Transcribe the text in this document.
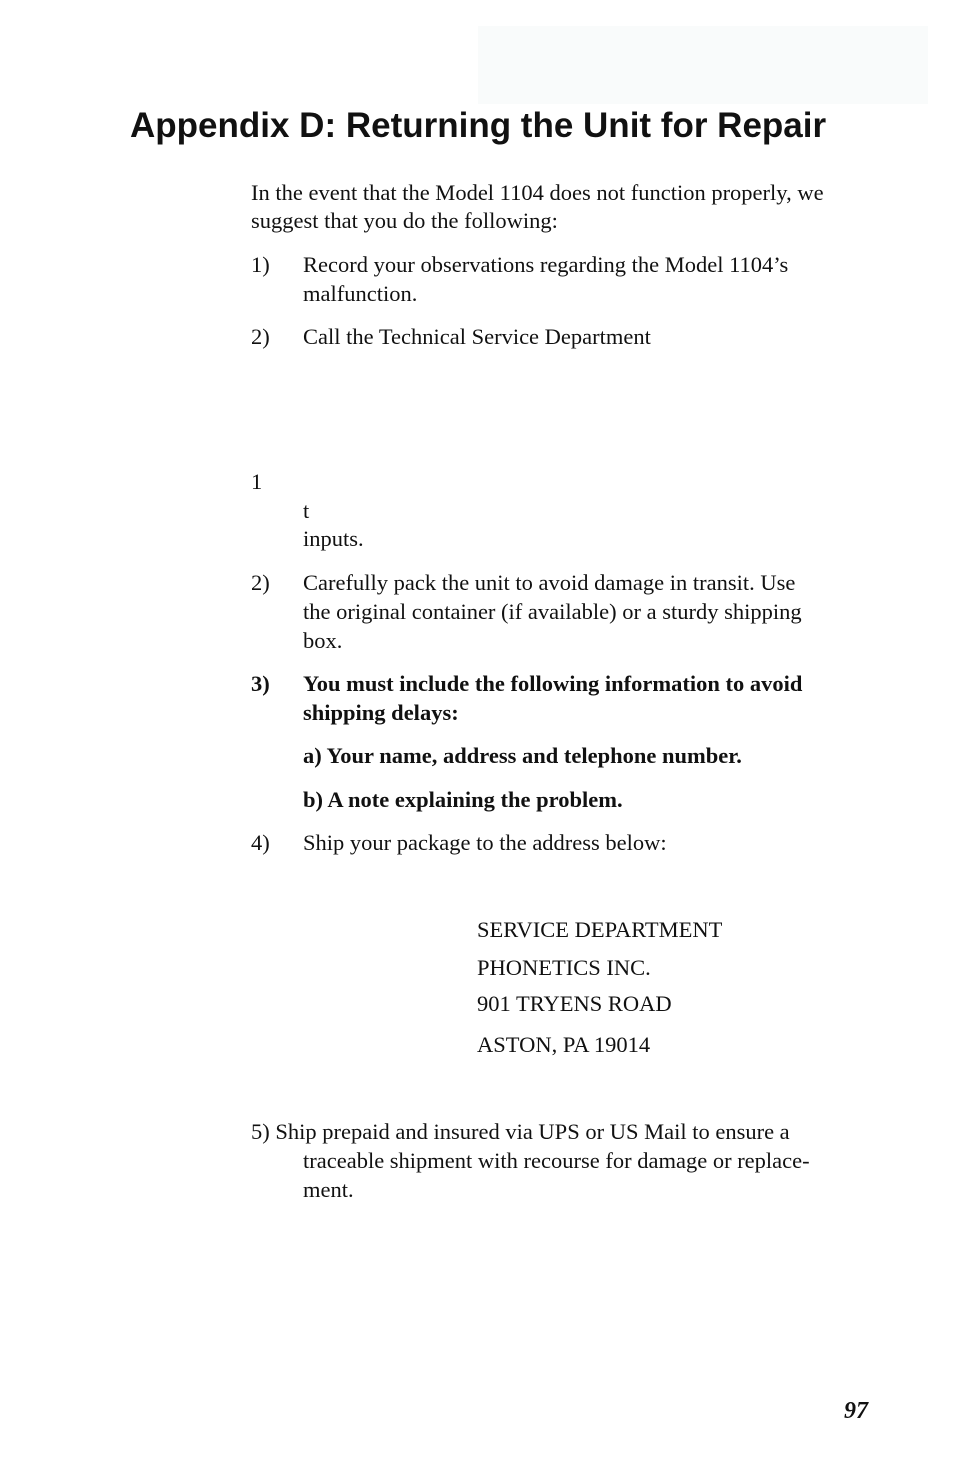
Appendix D: Returning the Unit for Repair
In the event that the Model 1104 does not function properly, we
suggest that you do the following:
1) Record your observations regarding the Model 1104’s
malfunction.
2) Call the Technical Service Department
1
t
inputs.
2) Carefully pack the unit to avoid damage in transit. Use
the original container (if available) or a sturdy shipping
box.
3) You must include the following information to avoid
shipping delays:
a) Your name, address and telephone number.
b) A note explaining the problem.
4) Ship your package to the address below:
SERVICE DEPARTMENT
PHONETICS INC.
901 TRYENS ROAD
ASTON, PA 19014
5) Ship prepaid and insured via UPS or US Mail to ensure a
traceable shipment with recourse for damage or replace-
ment.
97
